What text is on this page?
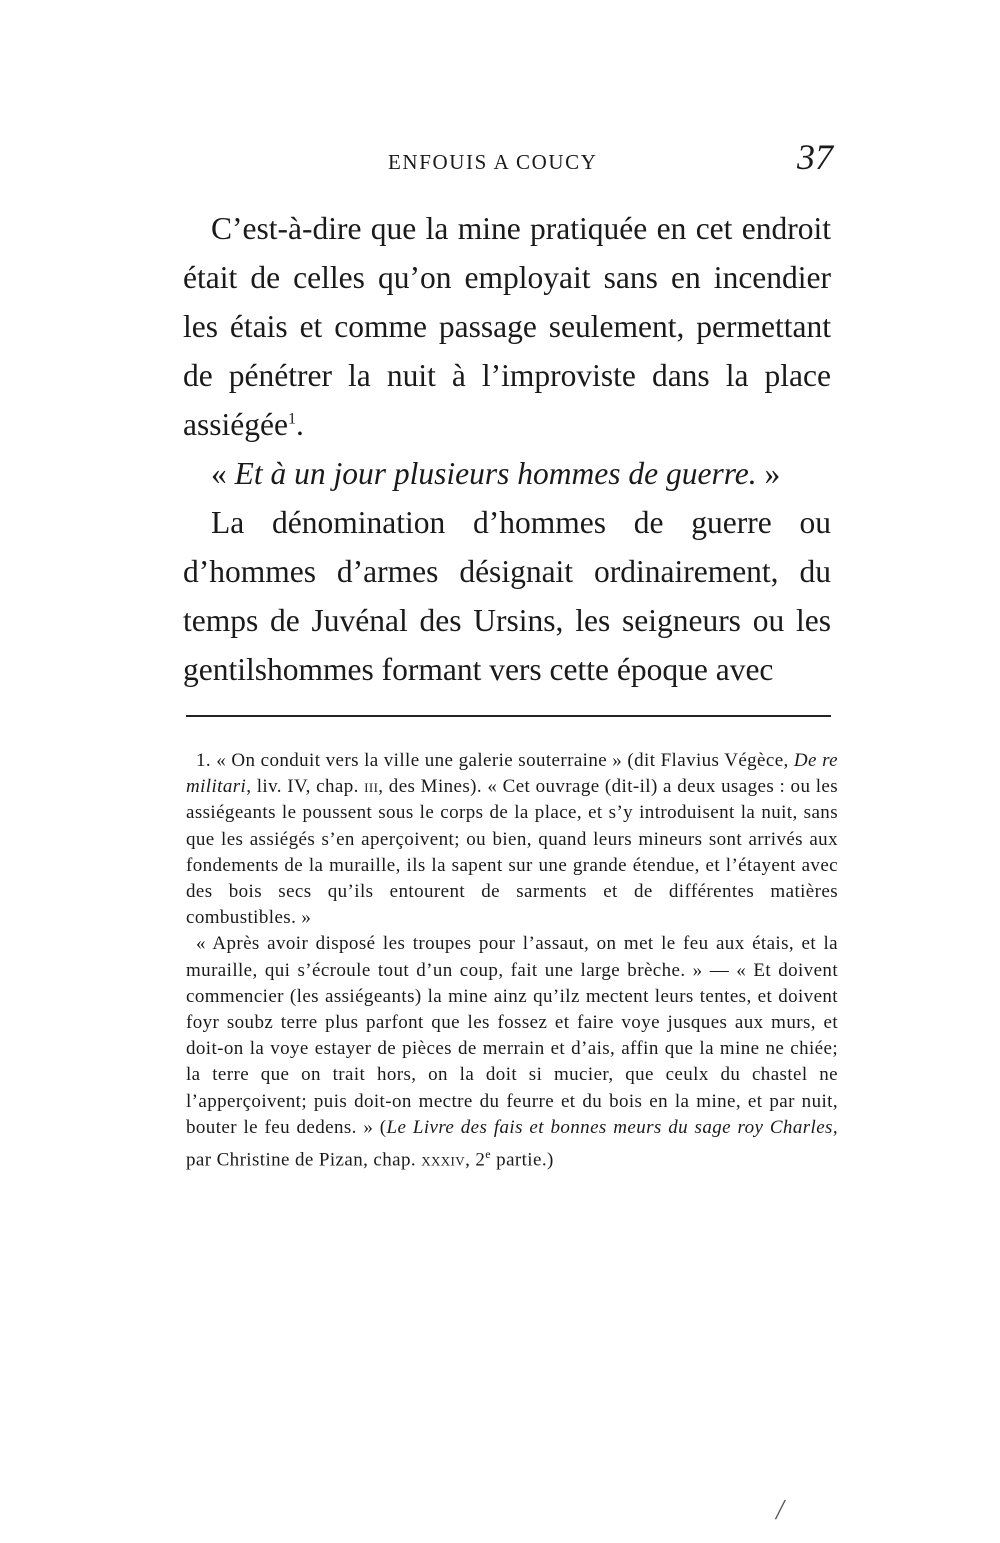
ENFOUIS A COUCY	37

C’est-à-dire que la mine pratiquée en cet endroit était de celles qu’on employait sans en incendier les étais et comme passage seulement, permettant de pénétrer la nuit à l’improviste dans la place assiégée$^1$.

« Et à un jour plusieurs hommes de guerre. »

La dénomination d’hommes de guerre ou d’hommes d’armes désignait ordinairement, du temps de Juvénal des Ursins, les seigneurs ou les gentilshommes formant vers cette époque avec

1. « On conduit vers la ville une galerie souterraine » (dit Flavius Végèce, De re militari, liv. IV, chap. iii, des Mines). « Cet ouvrage (dit-il) a deux usages : ou les assiégeants le poussent sous le corps de la place, et s’y introduisent la nuit, sans que les assiégés s’en aperçoivent; ou bien, quand leurs mineurs sont arrivés aux fondements de la muraille, ils la sapent sur une grande étendue, et l’étayent avec des bois secs qu’ils entourent de sarments et de différentes matières combustibles. »

« Après avoir disposé les troupes pour l’assaut, on met le feu aux étais, et la muraille, qui s’écroule tout d’un coup, fait une large brèche. » — « Et doivent commencier (les assiégeants) la mine ainz qu’ilz mectent leurs tentes, et doivent foyr soubz terre plus parfont que les fossez et faire voye jusques aux murs, et doit-on la voye estayer de pièces de merrain et d’ais, affin que la mine ne chiée; la terre que on trait hors, on la doit si mucier, que ceulx du chastel ne l’apperçoivent; puis doit-on mectre du feurre et du bois en la mine, et par nuit, bouter le feu dedens. » (Le Livre des fais et bonnes meurs du sage roy Charles, par Christine de Pizan, chap. xxxiv, 2e partie.)

/
